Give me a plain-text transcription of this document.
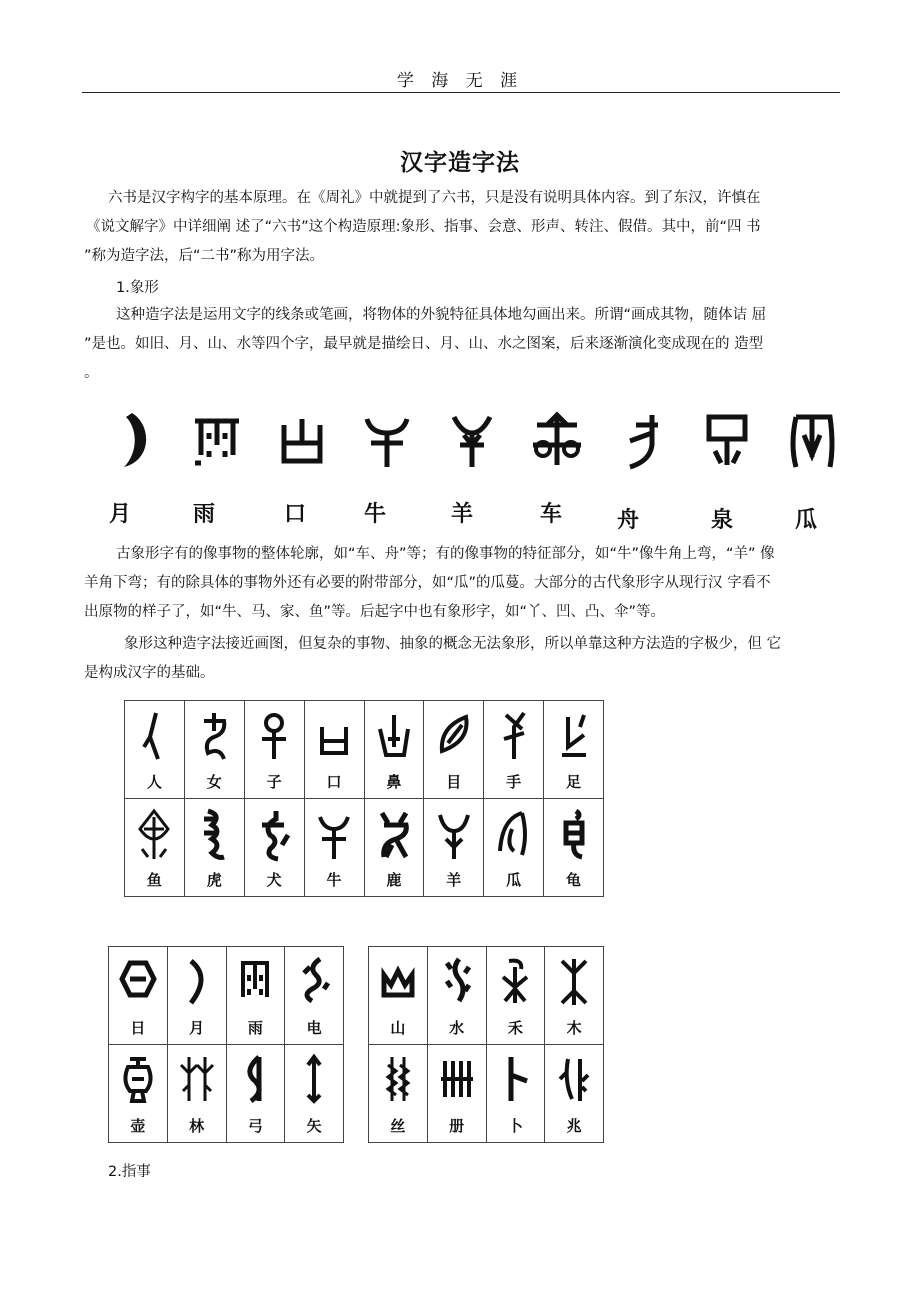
学 海 无 涯
汉字造字法
六书是汉字构字的基本原理。在《周礼》中就提到了六书，只是没有说明具体内容。到了东汉，许慎在
《说文解字》中详细阐 述了“六书”这个构造原理:象形、指事、会意、形声、转注、假借。其中，前“四 书
”称为造字法，后“二书”称为用字法。
1.象形
这种造字法是运用文字的线条或笔画，将物体的外貌特征具体地勾画出来。所谓“画成其物，随体诘 屈
”是也。如旧、月、山、水等四个字，最早就是描绘日、月、山、水之图案，后来逐渐演化变成现在的 造型
。
月	雨	口	牛	羊	车	舟	泉	瓜
古象形字有的像事物的整体轮廓，如“车、舟”等；有的像事物的特征部分，如“牛”像牛角上弯，“羊” 像
羊角下弯；有的除具体的事物外还有必要的附带部分，如“瓜”的瓜蔓。大部分的古代象形字从现行汉 字看不
出原物的样子了，如“牛、马、家、鱼”等。后起字中也有象形字，如“丫、凹、凸、伞”等。
象形这种造字法接近画图，但复杂的事物、抽象的概念无法象形，所以单靠这种方法造的字极少，但 它
是构成汉字的基础。
人	女	子	口	鼻	目	手	足

鱼	虎	犬	牛	鹿	羊	瓜	龟
日	月	雨	电

壶	林	弓	矢
山	水	禾	木

丝	册	卜	兆
2.指事
